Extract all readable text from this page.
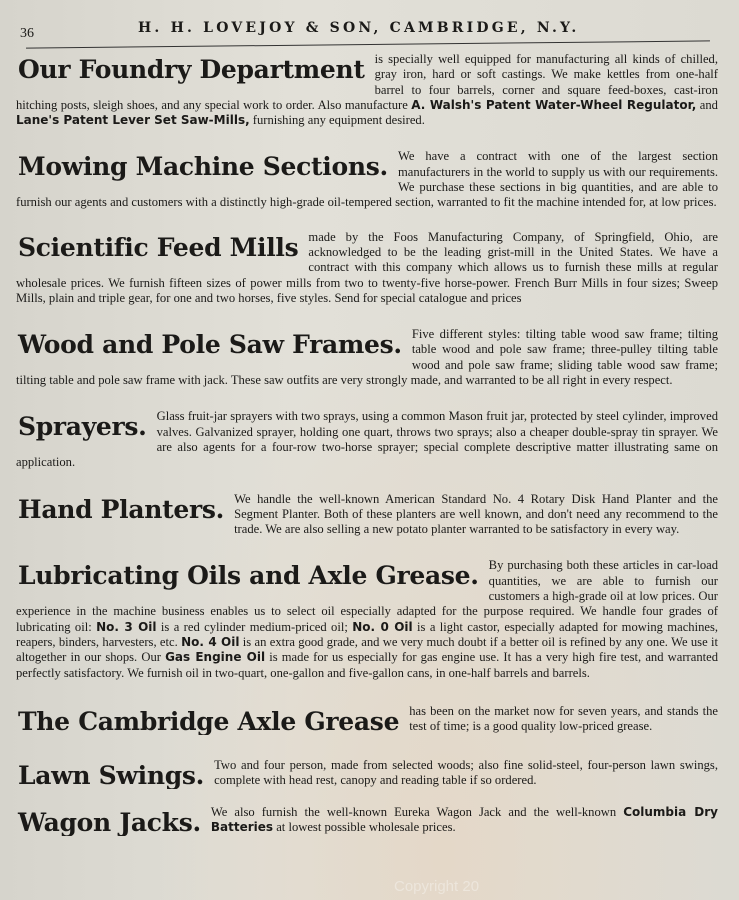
36	H. H. LOVEJOY & SON, CAMBRIDGE, N.Y.
Our Foundry Department is specially well equipped for manufacturing all kinds of chilled, gray iron, hard or soft castings. We make kettles from one-half barrel to four barrels, corner and square feed-boxes, cast-iron hitching posts, sleigh shoes, and any special work to order. Also manufacture A. Walsh's Patent Water-Wheel Regulator, and Lane's Patent Lever Set Saw-Mills, furnishing any equipment desired.
Mowing Machine Sections. We have a contract with one of the largest section manufacturers in the world to supply us with our requirements. We purchase these sections in big quantities, and are able to furnish our agents and customers with a distinctly high-grade oil-tempered section, warranted to fit the machine intended for, at low prices.
Scientific Feed Mills made by the Foos Manufacturing Company, of Springfield, Ohio, are acknowledged to be the leading grist-mill in the United States. We have a contract with this company which allows us to furnish these mills at regular wholesale prices. We furnish fifteen sizes of power mills from two to twenty-five horse-power. French Burr Mills in four sizes; Sweep Mills, plain and triple gear, for one and two horses, five styles. Send for special catalogue and prices
Wood and Pole Saw Frames. Five different styles: tilting table wood saw frame; tilting table wood and pole saw frame; three-pulley tilting table wood and pole saw frame; sliding table wood saw frame; tilting table and pole saw frame with jack. These saw outfits are very strongly made, and warranted to be all right in every respect.
Sprayers. Glass fruit-jar sprayers with two sprays, using a common Mason fruit jar, protected by steel cylinder, improved valves. Galvanized sprayer, holding one quart, throws two sprays; also a cheaper double-spray tin sprayer. We are also agents for a four-row two-horse sprayer; special complete descriptive matter illustrating same on application.
Hand Planters. We handle the well-known American Standard No. 4 Rotary Disk Hand Planter and the Segment Planter. Both of these planters are well known, and don't need any recommend to the trade. We are also selling a new potato planter warranted to be satisfactory in every way.
Lubricating Oils and Axle Grease. By purchasing both these articles in car-load quantities, we are able to furnish our customers a high-grade oil at low prices. Our experience in the machine business enables us to select oil especially adapted for the purpose required. We handle four grades of lubricating oil: No. 3 Oil is a red cylinder medium-priced oil; No. 0 Oil is a light castor, especially adapted for mowing machines, reapers, binders, harvesters, etc. No. 4 Oil is an extra good grade, and we very much doubt if a better oil is refined by any one. We use it altogether in our shops. Our Gas Engine Oil is made for us especially for gas engine use. It has a very high fire test, and warranted perfectly satisfactory. We furnish oil in two-quart, one-gallon and five-gallon cans, in one-half barrels and barrels.
The Cambridge Axle Grease has been on the market now for seven years, and stands the test of time; is a good quality low-priced grease.
Lawn Swings. Two and four person, made from selected woods; also fine solid-steel, four-person lawn swings, complete with head rest, canopy and reading table if so ordered.
Wagon Jacks. We also furnish the well-known Eureka Wagon Jack and the well-known Columbia Dry Batteries at lowest possible wholesale prices.
Copyright 20
